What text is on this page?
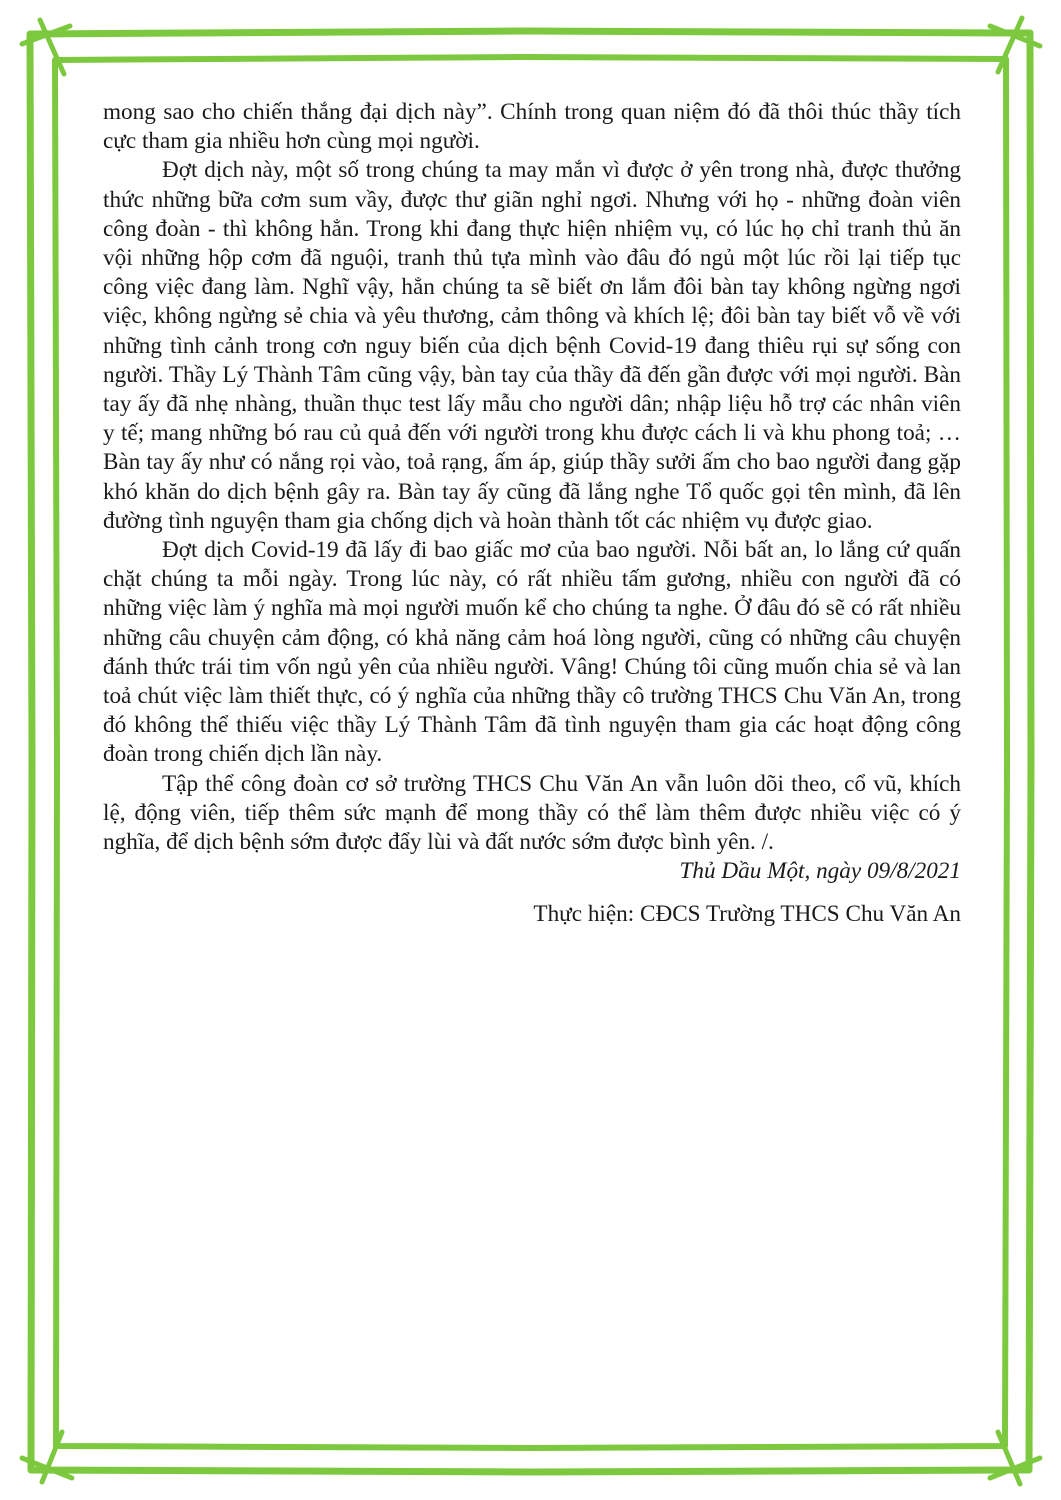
mong sao cho chiến thắng đại dịch này”. Chính trong quan niệm đó đã thôi thúc thầy tích cực tham gia nhiều hơn cùng mọi người.

Đợt dịch này, một số trong chúng ta may mắn vì được ở yên trong nhà, được thưởng thức những bữa cơm sum vầy, được thư giãn nghỉ ngơi. Nhưng với họ - những đoàn viên công đoàn - thì không hẳn. Trong khi đang thực hiện nhiệm vụ, có lúc họ chỉ tranh thủ ăn vội những hộp cơm đã nguội, tranh thủ tựa mình vào đâu đó ngủ một lúc rồi lại tiếp tục công việc đang làm. Nghĩ vậy, hẳn chúng ta sẽ biết ơn lắm đôi bàn tay không ngừng ngơi việc, không ngừng sẻ chia và yêu thương, cảm thông và khích lệ; đôi bàn tay biết vỗ về với những tình cảnh trong cơn nguy biến của dịch bệnh Covid-19 đang thiêu rụi sự sống con người. Thầy Lý Thành Tâm cũng vậy, bàn tay của thầy đã đến gần được với mọi người. Bàn tay ấy đã nhẹ nhàng, thuần thục test lấy mẫu cho người dân; nhập liệu hỗ trợ các nhân viên y tế; mang những bó rau củ quả đến với người trong khu được cách li và khu phong toả; … Bàn tay ấy như có nắng rọi vào, toả rạng, ấm áp, giúp thầy sưởi ấm cho bao người đang gặp khó khăn do dịch bệnh gây ra. Bàn tay ấy cũng đã lắng nghe Tổ quốc gọi tên mình, đã lên đường tình nguyện tham gia chống dịch và hoàn thành tốt các nhiệm vụ được giao.

Đợt dịch Covid-19 đã lấy đi bao giấc mơ của bao người. Nỗi bất an, lo lắng cứ quấn chặt chúng ta mỗi ngày. Trong lúc này, có rất nhiều tấm gương, nhiều con người đã có những việc làm ý nghĩa mà mọi người muốn kể cho chúng ta nghe. Ở đâu đó sẽ có rất nhiều những câu chuyện cảm động, có khả năng cảm hoá lòng người, cũng có những câu chuyện đánh thức trái tim vốn ngủ yên của nhiều người. Vâng! Chúng tôi cũng muốn chia sẻ và lan toả chút việc làm thiết thực, có ý nghĩa của những thầy cô trường THCS Chu Văn An, trong đó không thể thiếu việc thầy Lý Thành Tâm đã tình nguyện tham gia các hoạt động công đoàn trong chiến dịch lần này.

Tập thể công đoàn cơ sở trường THCS Chu Văn An vẫn luôn dõi theo, cổ vũ, khích lệ, động viên, tiếp thêm sức mạnh để mong thầy có thể làm thêm được nhiều việc có ý nghĩa, để dịch bệnh sớm được đẩy lùi và đất nước sớm được bình yên. /.

Thủ Dầu Một, ngày 09/8/2021

Thực hiện: CĐCS Trường THCS Chu Văn An
